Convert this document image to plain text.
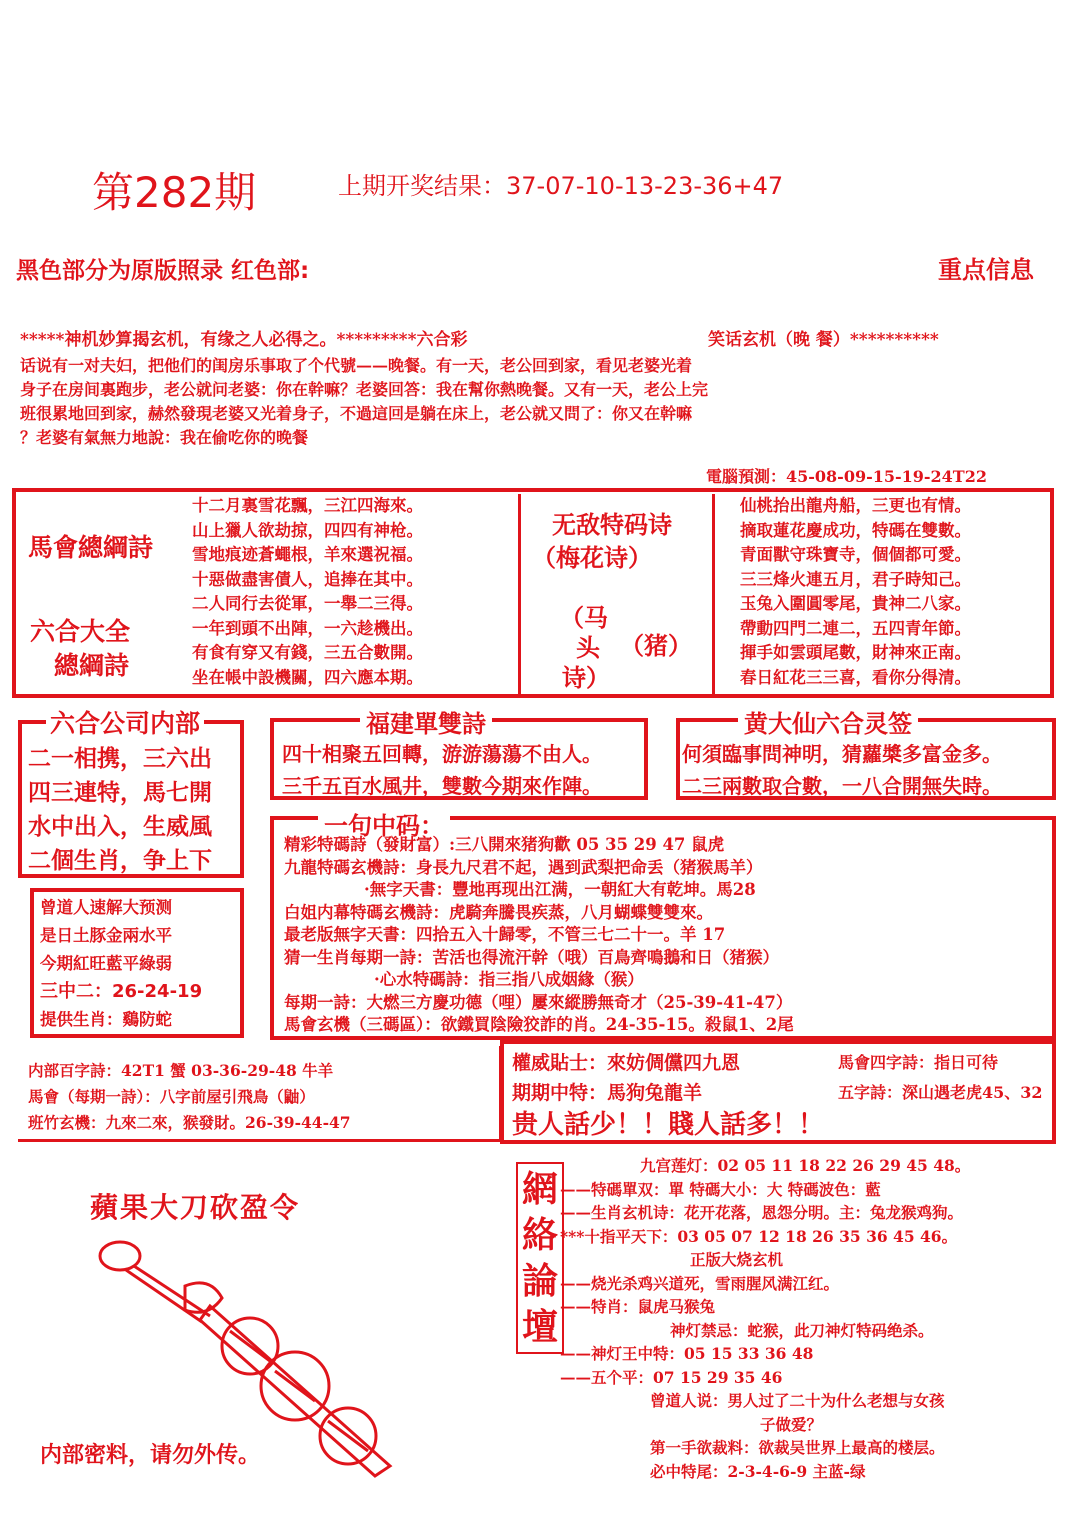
第282期	上期开奖结果：37-07-10-13-23-36+47
黑色部分为原版照录 红色部:	重点信息
*****神机妙算揭玄机，有缘之人必得之。*********六合彩	笑话玄机（晚 餐）**********
话说有一对夫妇，把他们的闺房乐事取了个代號——晚餐。有一天，老公回到家，看见老婆光着
身子在房间裏跑步，老公就问老婆：你在幹嘛？老婆回答：我在幫你熱晚餐。又有一天，老公上完
班很累地回到家，赫然發現老婆又光着身子，不過這回是躺在床上，老公就又問了：你又在幹嘛
？老婆有氣無力地說：我在偷吃你的晚餐
電腦預測：45-08-09-15-19-24T22
馬會總綱詩
六合大全
總綱詩
十二月裏雪花飄，三江四海來。
山上獵人欲劫掠，四四有神枪。
雪地痕迹蒼蠅根，羊來選祝福。
十惡做盡害債人，追捧在其中。
二人同行去從軍，一舉二三得。
一年到頭不出陣，一六趁機出。
有食有穿又有錢，三五合數開。
坐在帳中設機關，四六應本期。
无敌特码诗
（梅花诗）
（马
头
诗）
（猪）
仙桃抬出龍舟船，三更也有情。
摘取蓮花慶成功，特碼在雙數。
青面獸守珠寶寺，個個都可愛。
三三烽火連五月，君子時知己。
玉兔入圍圓零尾，貴神二八家。
帶動四門二連二，五四青年節。
揮手如雲頭尾數，財神來正南。
春日紅花三三喜，看你分得清。
六合公司内部
二一相携，三六出
四三連特，馬七開
水中出入，生威風
二個生肖，争上下
福建單雙詩
四十相聚五回轉，游游蕩蕩不由人。
三千五百水風井，雙數今期來作陣。
黄大仙六合灵签
何須臨事問神明，猜蘿槳多富金多。
二三兩數取合數，一八合開無失時。
一句中码：
精彩特碼詩（發財富）:三八開來猪狗歡 05 35 29 47 鼠虎
九龍特碼玄機詩：身長九尺君不起，遇到武梨把命丢（猪猴馬羊）
·無字天書：豐地再现出江满，一朝紅大有乾坤。馬28
白姐内幕特碼玄機詩：虎騎奔騰畏疾蒸，八月蝴蝶雙雙來。
最老版無字天書：四拾五入十歸零，不管三七二十一。羊 17
猜一生肖每期一詩：苦活也得流汗幹（哦）百鳥齊鳴鵝和日（猪猴）
·心水特碼詩：指三指八成姻緣（猴）
每期一詩：大燃三方慶功德（哩）屢來縱勝無奇才（25-39-41-47）
馬會玄機（三碼區）：欲鐵買陰險狡詐的肖。24-35-15。殺鼠1、2尾
曾道人速解大预测
是日土豚金兩水平
今期紅旺藍平綠弱
三中二：26-24-19
提供生肖：鷄防蛇
内部百字詩：42T1 蟹 03-36-29-48 牛羊
馬會（每期一詩）：八字前屋引飛鳥（鼬）
班竹玄機：九來二來，猴發財。26-39-44-47
權威貼士：來妨倜儻四九恩	馬會四字詩：指日可待
期期中特：馬狗兔龍羊	五字詩：深山遇老虎45、32
贵人話少！！賤人話多！！
蘋果大刀砍盈令
内部密料，请勿外传。
網
絡
論
壇
九宫莲灯：02 05 11 18 22 26 29 45 48。
——特碼單双：單 特碼大小：大 特碼波色：藍
——生肖玄机诗：花开花落，恩怨分明。主：兔龙猴鸡狗。
***十指平天下：03 05 07 12 18 26 35 36 45 46。
正版大烧玄机
——烧光杀鸡兴道死，雪雨腥风满江红。
——特肖：鼠虎马猴兔
神灯禁忌：蛇猴，此刀神灯特码绝杀。
——神灯王中特：05 15 33 36 48
——五个平：07 15 29 35 46
曾道人说：男人过了二十为什么老想与女孩
子做爱？
第一手欲裁料：欲裁吴世界上最高的楼层。
必中特尾：2-3-4-6-9 主蓝-绿
